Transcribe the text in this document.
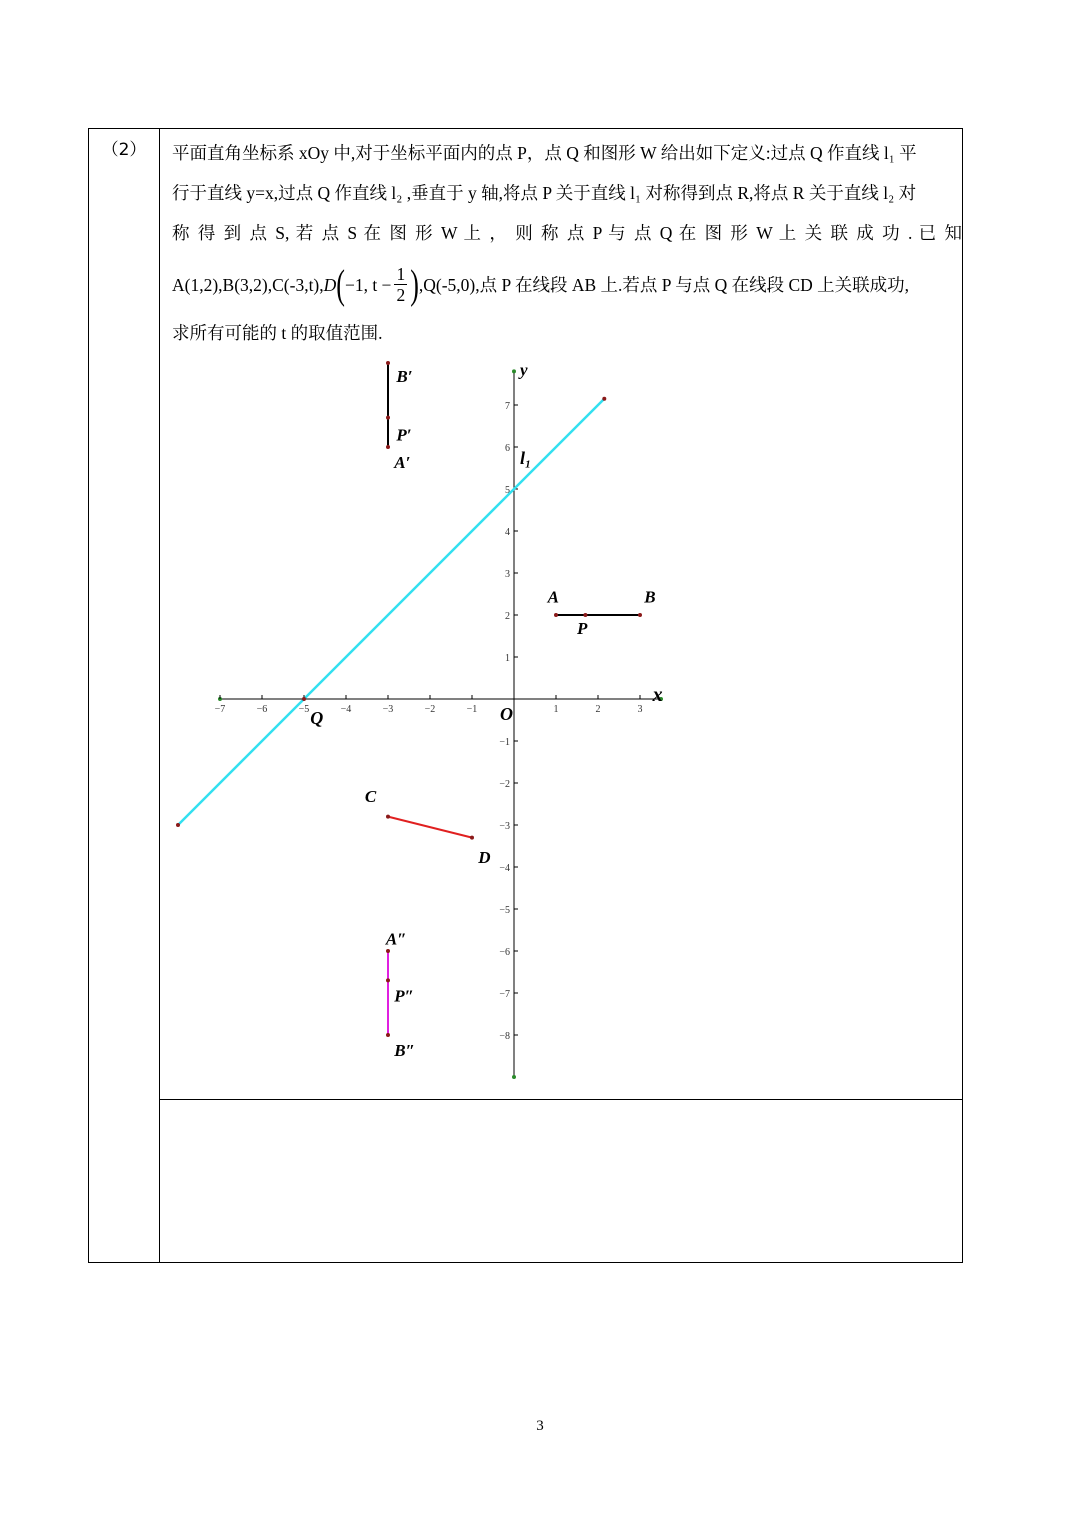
（2）	平面直角坐标系 xOy 中,对于坐标平面内的点 P，点 Q 和图形 W 给出如下定义:过点 Q 作直线 l₁ 平
行于直线 y=x,过点 Q 作直线 l₂ ,垂直于 y 轴,将点 P 关于直线 l₁ 对称得到点 R,将点 R 关于直线 l₂ 对
称 得 到 点 S, 若 点 S 在 图 形 W 上 ， 则 称 点 P 与 点 Q 在 图 形 W 上 关 联 成 功 . 已 知
A(1,2),B(3,2),C(-3,t),D(−1, $t - \frac{1}{2} ),Q(-5,0)$,点 P 在线段 AB 上.若点 P 与点 Q 在线段 CD 上关联成功,
求所有可能的 t 的取值范围.
−7	−6	−5	−4	−3	−2	−1	1	2	3
7
6
5
4
3
2
1
−1
−2
−3
−4
−5
−6
−7
−8
x
y
O
l₁
A	B
P
Q
C
D
B′
P′
A′
A″
P″
B″
3
